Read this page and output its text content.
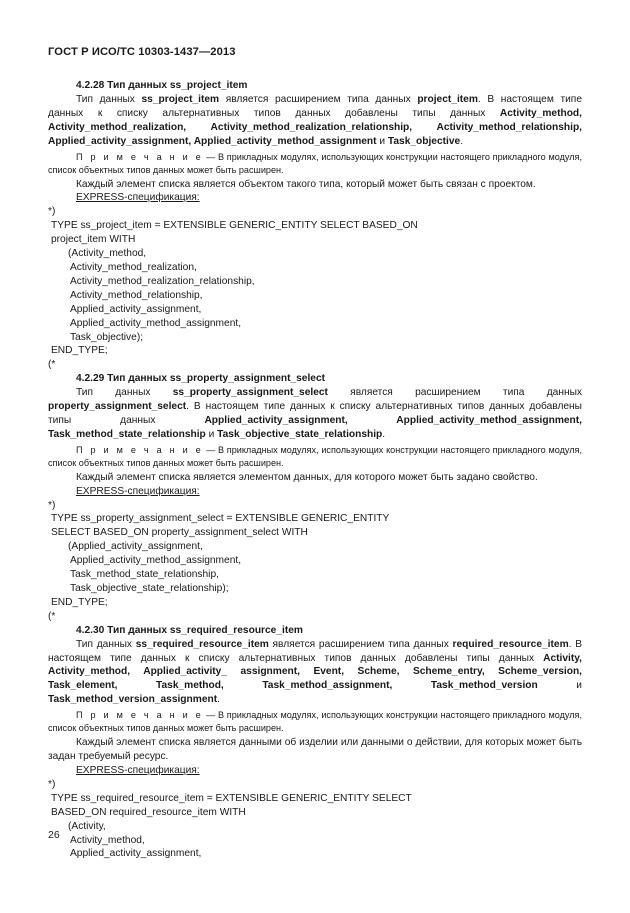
ГОСТ Р ИСО/ТС 10303-1437—2013

4.2.28 Тип данных ss_project_item

Тип данных ss_project_item является расширением типа данных project_item. В настоящем типе данных к списку альтернативных типов данных добавлены типы данных Activity_method, Activity_method_realization, Activity_method_realization_relationship, Activity_method_relationship, Applied_activity_assignment, Applied_activity_method_assignment и Task_objective.

П р и м е ч а н и е — В прикладных модулях, использующих конструкции настоящего прикладного модуля, список объектных типов данных может быть расширен.

Каждый элемент списка является объектом такого типа, который может быть связан с проектом.

EXPRESS-спецификация:

*)

TYPE ss_project_item = EXTENSIBLE GENERIC_ENTITY SELECT BASED_ON

project_item WITH

(Activity_method,

Activity_method_realization,

Activity_method_realization_relationship,

Activity_method_relationship,

Applied_activity_assignment,

Applied_activity_method_assignment,

Task_objective);

END_TYPE;

(*

4.2.29 Тип данных ss_property_assignment_select

Тип данных ss_property_assignment_select является расширением типа данных property_assignment_select. В настоящем типе данных к списку альтернативных типов данных добавлены типы данных Applied_activity_assignment, Applied_activity_method_assignment, Task_method_state_relationship и Task_objective_state_relationship.

П р и м е ч а н и е — В прикладных модулях, использующих конструкции настоящего прикладного модуля, список объектных типов данных может быть расширен.

Каждый элемент списка является элементом данных, для которого может быть задано свойство.

EXPRESS-спецификация:

*)

TYPE ss_property_assignment_select = EXTENSIBLE GENERIC_ENTITY

SELECT BASED_ON property_assignment_select WITH

(Applied_activity_assignment,

Applied_activity_method_assignment,

Task_method_state_relationship,

Task_objective_state_relationship);

END_TYPE;

(*

4.2.30 Тип данных ss_required_resource_item

Тип данных ss_required_resource_item является расширением типа данных required_resource_item. В настоящем типе данных к списку альтернативных типов данных добавлены типы данных Activity, Activity_method, Applied_activity_ assignment, Event, Scheme, Scheme_entry, Scheme_version, Task_element, Task_method, Task_method_assignment, Task_method_version и Task_method_version_assignment.

П р и м е ч а н и е — В прикладных модулях, использующих конструкции настоящего прикладного модуля, список объектных типов данных может быть расширен.

Каждый элемент списка является данными об изделии или данными о действии, для которых может быть задан требуемый ресурс.

EXPRESS-спецификация:

*)

TYPE ss_required_resource_item = EXTENSIBLE GENERIC_ENTITY SELECT

BASED_ON required_resource_item WITH

(Activity,

Activity_method,

Applied_activity_assignment,

26
